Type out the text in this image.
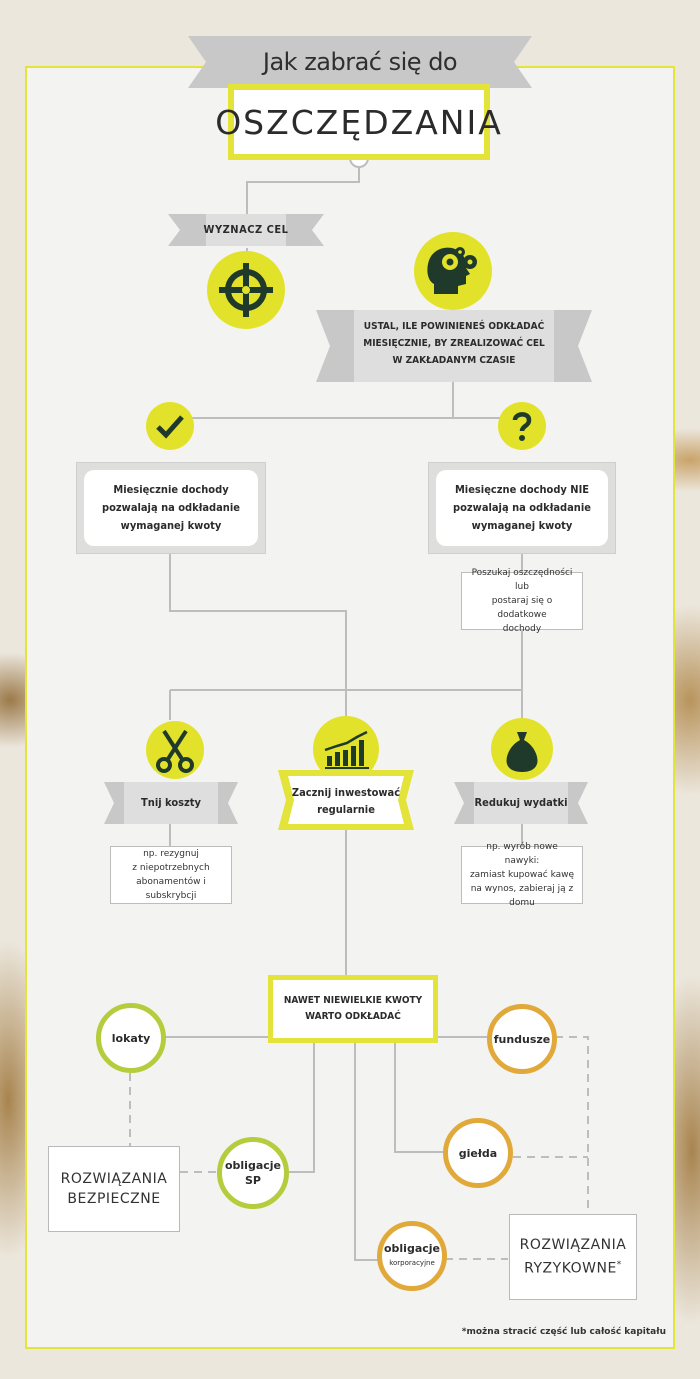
Jak zabrać się do
OSZCZĘDZANIA
WYZNACZ CEL
USTAL, ILE POWINIENEŚ ODKŁADAĆ
MIESIĘCZNIE, BY ZREALIZOWAĆ CEL
W ZAKŁADANYM CZASIE
Miesięcznie dochody
pozwalają na odkładanie
wymaganej kwoty
Miesięczne dochody NIE
pozwalają na odkładanie
wymaganej kwoty
Poszukaj oszczędności lub
postaraj się o dodatkowe
dochody
Tnij koszty
np. rezygnuj
z niepotrzebnych
abonamentów i subskrybcji
Zacznij inwestować
regularnie
Redukuj wydatki
np. wyrób nowe nawyki:
zamiast kupować kawę
na wynos, zabieraj ją z domu
NAWET NIEWIELKIE KWOTY
WARTO ODKŁADAĆ
lokaty
obligacje
SP
fundusze
giełda
obligacje
korporacyjne
ROZWIĄZANIA
BEZPIECZNE
ROZWIĄZANIA
RYZYKOWNE*
*można stracić część lub całość kapitału
